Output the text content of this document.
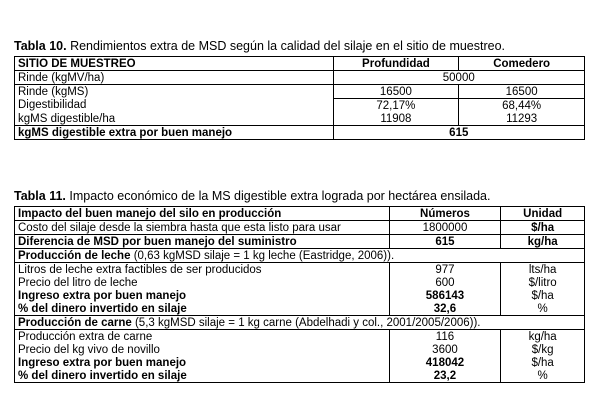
Tabla 10. Rendimientos extra de MSD según la calidad del silaje en el sitio de muestreo.
SITIO DE MUESTREO	Profundidad	Comedero
Rinde (kgMV/ha)	50000	
Rinde (kgMS)	16500	16500
Digestibilidad	72,17%	68,44%
kgMS digestible/ha	11908	11293
kgMS digestible extra por buen manejo	615	
Tabla 11. Impacto económico de la MS digestible extra lograda por hectárea ensilada.
Impacto del buen manejo del silo en producción	Números	Unidad
Costo del silaje desde la siembra hasta que esta listo para usar	1800000	$/ha
Diferencia de MSD por buen manejo del suministro	615	kg/ha
Producción de leche (0,63 kgMSD silaje = 1 kg leche (Eastridge, 2006)).		
Litros de leche extra factibles de ser producidos	977	lts/ha
Precio del litro de leche	600	$/litro
Ingreso extra por buen manejo	586143	$/ha
% del dinero invertido en silaje	32,6	%
Producción de carne (5,3 kgMSD silaje = 1 kg carne (Abdelhadi y col., 2001/2005/2006)).		
Producción extra de carne	116	kg/ha
Precio del kg vivo de novillo	3600	$/kg
Ingreso extra por buen manejo	418042	$/ha
% del dinero invertido en silaje	23,2	%
